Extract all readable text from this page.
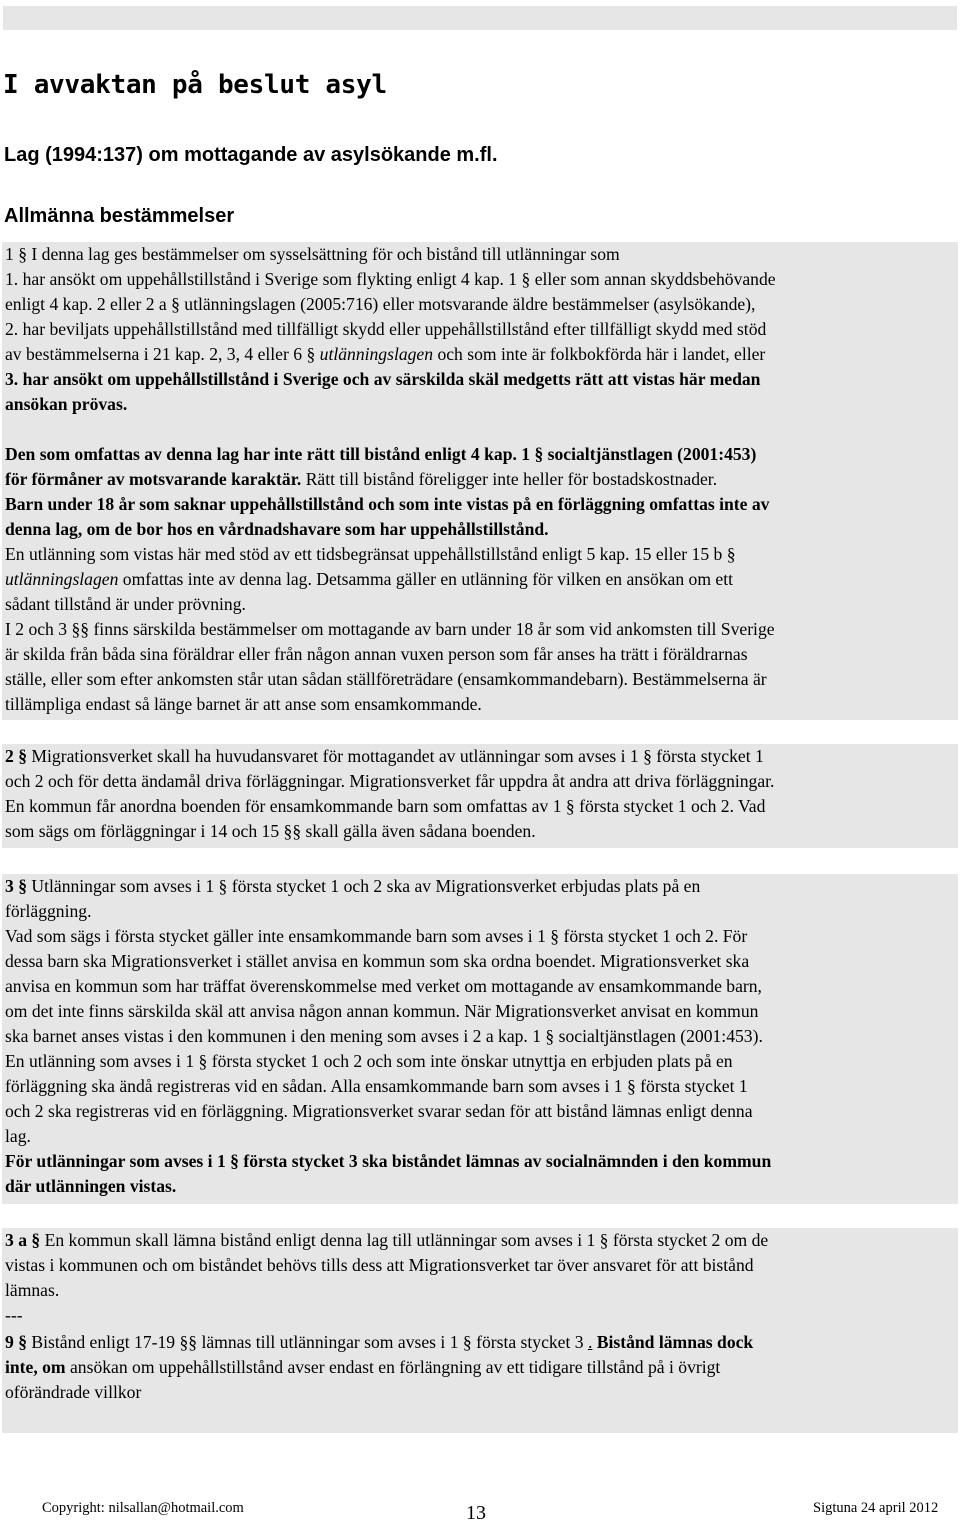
I avvaktan på beslut asyl
Lag (1994:137) om mottagande av asylsökande m.fl.
Allmänna bestämmelser
1 § I denna lag ges bestämmelser om sysselsättning för och bistånd till utlänningar som
1. har ansökt om uppehållstillstånd i Sverige som flykting enligt 4 kap. 1 § eller som annan skyddsbehövande
enligt 4 kap. 2 eller 2 a § utlänningslagen (2005:716) eller motsvarande äldre bestämmelser (asylsökande),
2. har beviljats uppehållstillstånd med tillfälligt skydd eller uppehållstillstånd efter tillfälligt skydd med stöd
av bestämmelserna i 21 kap. 2, 3, 4 eller 6 § utlänningslagen och som inte är folkbokförda här i landet, eller
3. har ansökt om uppehållstillstånd i Sverige och av särskilda skäl medgetts rätt att vistas här medan
ansökan prövas.
Den som omfattas av denna lag har inte rätt till bistånd enligt 4 kap. 1 § socialtjänstlagen (2001:453)
för förmåner av motsvarande karaktär. Rätt till bistånd föreligger inte heller för bostadskostnader.
Barn under 18 år som saknar uppehållstillstånd och som inte vistas på en förläggning omfattas inte av
denna lag, om de bor hos en vårdnadshavare som har uppehållstillstånd.
En utlänning som vistas här med stöd av ett tidsbegränsat uppehållstillstånd enligt 5 kap. 15 eller 15 b §
utlänningslagen omfattas inte av denna lag. Detsamma gäller en utlänning för vilken en ansökan om ett
sådant tillstånd är under prövning.
I 2 och 3 §§ finns särskilda bestämmelser om mottagande av barn under 18 år som vid ankomsten till Sverige
är skilda från båda sina föräldrar eller från någon annan vuxen person som får anses ha trätt i föräldrarnas
ställe, eller som efter ankomsten står utan sådan ställföreträdare (ensamkommandebarn). Bestämmelserna är
tillämpliga endast så länge barnet är att anse som ensamkommande.
2 § Migrationsverket skall ha huvudansvaret för mottagandet av utlänningar som avses i 1 § första stycket 1
och 2 och för detta ändamål driva förläggningar. Migrationsverket får uppdra åt andra att driva förläggningar.
En kommun får anordna boenden för ensamkommande barn som omfattas av 1 § första stycket 1 och 2. Vad
som sägs om förläggningar i 14 och 15 §§ skall gälla även sådana boenden.
3 § Utlänningar som avses i 1 § första stycket 1 och 2 ska av Migrationsverket erbjudas plats på en
förläggning.
Vad som sägs i första stycket gäller inte ensamkommande barn som avses i 1 § första stycket 1 och 2. För
dessa barn ska Migrationsverket i stället anvisa en kommun som ska ordna boendet. Migrationsverket ska
anvisa en kommun som har träffat överenskommelse med verket om mottagande av ensamkommande barn,
om det inte finns särskilda skäl att anvisa någon annan kommun. När Migrationsverket anvisat en kommun
ska barnet anses vistas i den kommunen i den mening som avses i 2 a kap. 1 § socialtjänstlagen (2001:453).
En utlänning som avses i 1 § första stycket 1 och 2 och som inte önskar utnyttja en erbjuden plats på en
förläggning ska ändå registreras vid en sådan. Alla ensamkommande barn som avses i 1 § första stycket 1
och 2 ska registreras vid en förläggning. Migrationsverket svarar sedan för att bistånd lämnas enligt denna
lag.
För utlänningar som avses i 1 § första stycket 3 ska biståndet lämnas av socialnämnden i den kommun
där utlänningen vistas.
3 a § En kommun skall lämna bistånd enligt denna lag till utlänningar som avses i 1 § första stycket 2 om de
vistas i kommunen och om biståndet behövs tills dess att Migrationsverket tar över ansvaret för att bistånd
lämnas.
---
9 § Bistånd enligt 17-19 §§ lämnas till utlänningar som avses i 1 § första stycket 3 . Bistånd lämnas dock
inte, om ansökan om uppehållstillstånd avser endast en förlängning av ett tidigare tillstånd på i övrigt
oförändrade villkor
Copyright: nilsallan@hotmail.com	13	Sigtuna 24 april 2012
